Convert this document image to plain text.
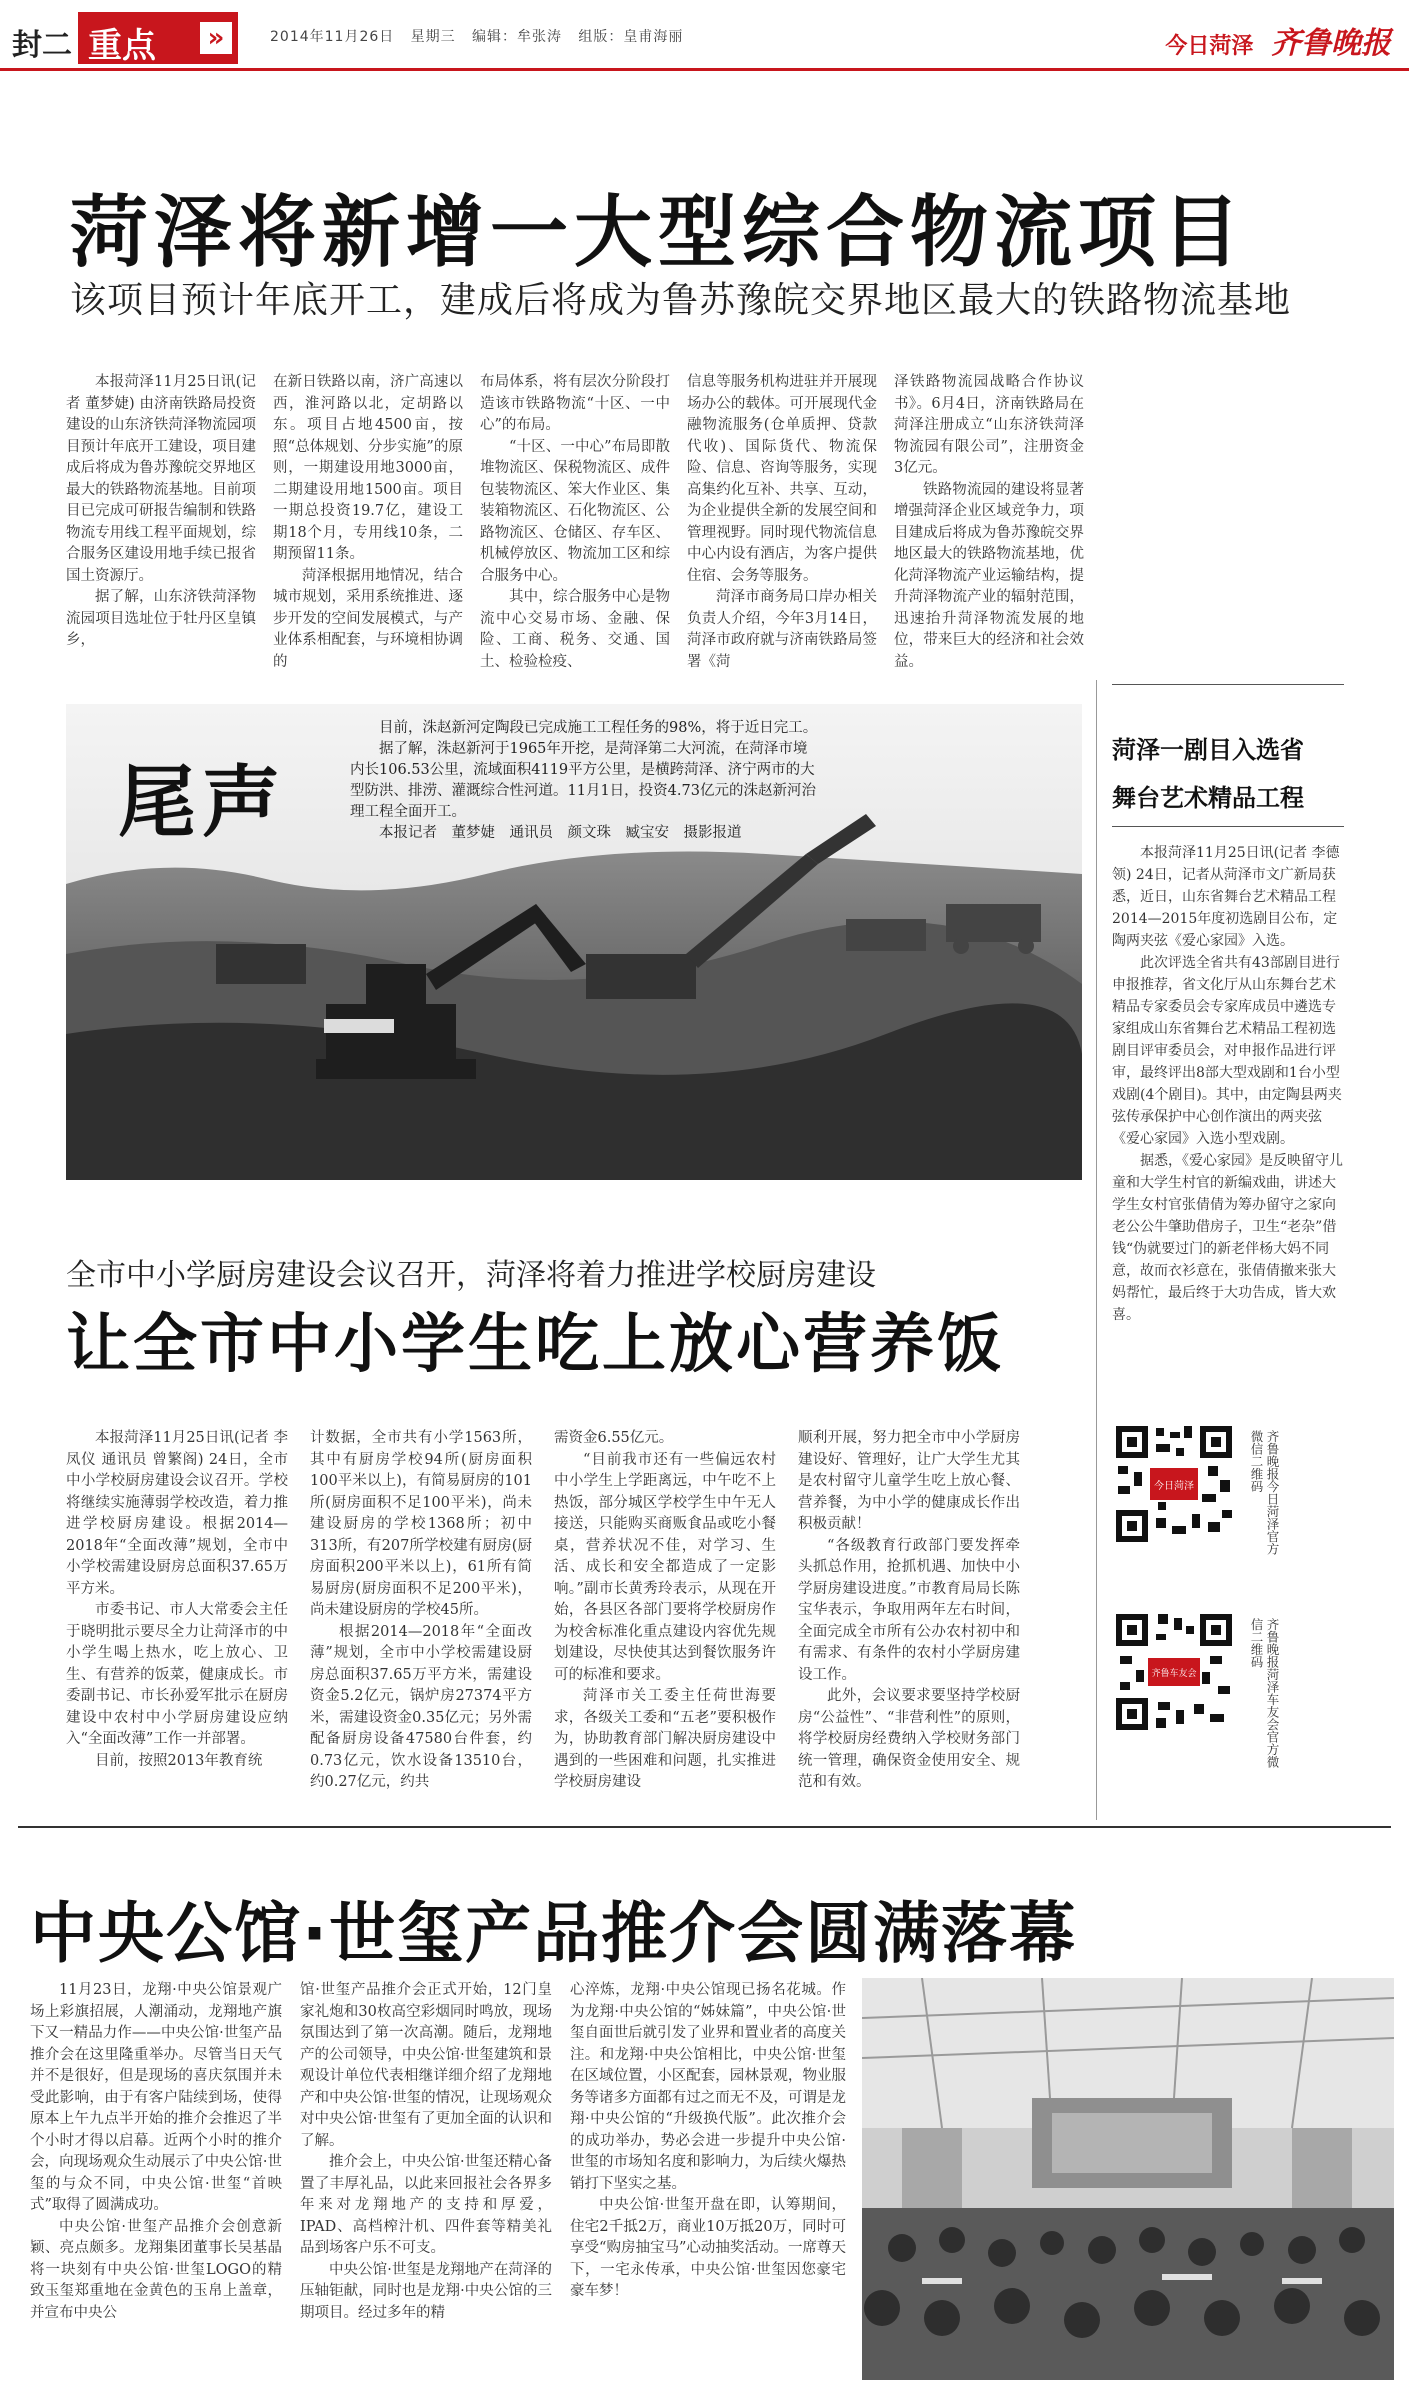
封二 重点 »	2014年11月26日 星期三 编辑：牟张涛 组版：皇甫海丽	今日菏泽 齐鲁晚报
菏泽将新增一大型综合物流项目
该项目预计年底开工，建成后将成为鲁苏豫皖交界地区最大的铁路物流基地

本报菏泽11月25日讯(记者 董梦婕) 由济南铁路局投资建设的山东济铁菏泽物流园项目预计年底开工建设，项目建成后将成为鲁苏豫皖交界地区最大的铁路物流基地。目前项目已完成可研报告编制和铁路物流专用线工程平面规划，综合服务区建设用地手续已报省国土资源厅。

据了解，山东济铁菏泽物流园项目选址位于牡丹区皇镇乡，

在新日铁路以南，济广高速以西，淮河路以北，定胡路以东。项目占地4500亩，按照“总体规划、分步实施”的原则，一期建设用地3000亩，二期建设用地1500亩。项目一期总投资19.7亿，建设工期18个月，专用线10条，二期预留11条。

菏泽根据用地情况，结合城市规划，采用系统推进、逐步开发的空间发展模式，与产业体系相配套，与环境相协调的

布局体系，将有层次分阶段打造该市铁路物流“十区、一中心”的布局。

“十区、一中心”布局即散堆物流区、保税物流区、成件包装物流区、笨大作业区、集装箱物流区、石化物流区、公路物流区、仓储区、存车区、机械停放区、物流加工区和综合服务中心。

其中，综合服务中心是物流中心交易市场、金融、保险、工商、税务、交通、国土、检验检疫、

信息等服务机构进驻并开展现场办公的载体。可开展现代金融物流服务(仓单质押、贷款代收)、国际货代、物流保险、信息、咨询等服务，实现高集约化互补、共享、互动，为企业提供全新的发展空间和管理视野。同时现代物流信息中心内设有酒店，为客户提供住宿、会务等服务。

菏泽市商务局口岸办相关负责人介绍，今年3月14日，菏泽市政府就与济南铁路局签署《菏

泽铁路物流园战略合作协议书》。6月4日，济南铁路局在菏泽注册成立“山东济铁菏泽物流园有限公司”，注册资金3亿元。

铁路物流园的建设将显著增强菏泽企业区域竞争力，项目建成后将成为鲁苏豫皖交界地区最大的铁路物流基地，优化菏泽物流产业运输结构，提升菏泽物流产业的辐射范围，迅速抬升菏泽物流发展的地位，带来巨大的经济和社会效益。

尾声

目前，洙赵新河定陶段已完成施工工程任务的98%，将于近日完工。

据了解，洙赵新河于1965年开挖，是菏泽第二大河流，在菏泽市境内长106.53公里，流域面积4119平方公里，是横跨菏泽、济宁两市的大型防洪、排涝、灌溉综合性河道。11月1日，投资4.73亿元的洙赵新河治理工程全面开工。

本报记者　董梦婕　通讯员　颜文珠　臧宝安　摄影报道

菏泽一剧目入选省
舞台艺术精品工程

本报菏泽11月25日讯(记者 李德领) 24日，记者从菏泽市文广新局获悉，近日，山东省舞台艺术精品工程2014—2015年度初选剧目公布，定陶两夹弦《爱心家园》入选。

此次评选全省共有43部剧目进行申报推荐，省文化厅从山东舞台艺术精品专家委员会专家库成员中遴选专家组成山东省舞台艺术精品工程初选剧目评审委员会，对申报作品进行评审，最终评出8部大型戏剧和1台小型戏剧(4个剧目)。其中，由定陶县两夹弦传承保护中心创作演出的两夹弦《爱心家园》入选小型戏剧。

据悉，《爱心家园》是反映留守儿童和大学生村官的新编戏曲，讲述大学生女村官张倩倩为筹办留守之家向老公公牛肇助借房子，卫生“老杂”借钱“伪就要过门的新老伴杨大妈不同意，故而衣衫意在，张倩倩撤来张大妈帮忙，最后终于大功告成，皆大欢喜。

今日菏泽	齐鲁晚报今日菏泽官方微信二维码
齐鲁车友会	齐鲁晚报菏泽车友会官方微信二维码
全市中小学厨房建设会议召开，菏泽将着力推进学校厨房建设
让全市中小学生吃上放心营养饭

本报菏泽11月25日讯(记者 李凤仪 通讯员 曾繁阁) 24日，全市中小学校厨房建设会议召开。学校将继续实施薄弱学校改造，着力推进学校厨房建设。根据2014—2018年“全面改薄”规划，全市中小学校需建设厨房总面积37.65万平方米。

市委书记、市人大常委会主任于晓明批示要尽全力让菏泽市的中小学生喝上热水，吃上放心、卫生、有营养的饭菜，健康成长。市委副书记、市长孙爱军批示在厨房建设中农村中小学厨房建设应纳入“全面改薄”工作一并部署。

目前，按照2013年教育统

计数据，全市共有小学1563所，其中有厨房学校94所(厨房面积100平米以上)，有简易厨房的101所(厨房面积不足100平米)，尚未建设厨房的学校1368所；初中313所，有207所学校建有厨房(厨房面积200平米以上)，61所有简易厨房(厨房面积不足200平米)，尚未建设厨房的学校45所。

根据2014—2018年“全面改薄”规划，全市中小学校需建设厨房总面积37.65万平方米，需建设资金5.2亿元，锅炉房27374平方米，需建设资金0.35亿元；另外需配备厨房设备47580台件套，约0.73亿元，饮水设备13510台，约0.27亿元，约共

需资金6.55亿元。

“目前我市还有一些偏远农村中小学生上学距离远，中午吃不上热饭，部分城区学校学生中午无人接送，只能购买商贩食品或吃小餐桌，营养状况不佳，对学习、生活、成长和安全都造成了一定影响。”副市长黄秀玲表示，从现在开始，各县区各部门要将学校厨房作为校舍标准化重点建设内容优先规划建设，尽快使其达到餐饮服务许可的标准和要求。

菏泽市关工委主任荷世海要求，各级关工委和“五老”要积极作为，协助教育部门解决厨房建设中遇到的一些困难和问题，扎实推进学校厨房建设

顺利开展，努力把全市中小学厨房建设好、管理好，让广大学生尤其是农村留守儿童学生吃上放心餐、营养餐，为中小学的健康成长作出积极贡献！

“各级教育行政部门要发挥牵头抓总作用，抢抓机遇、加快中小学厨房建设进度。”市教育局局长陈宝华表示，争取用两年左右时间，全面完成全市所有公办农村初中和有需求、有条件的农村小学厨房建设工作。

此外，会议要求要坚持学校厨房“公益性”、“非营利性”的原则，将学校厨房经费纳入学校财务部门统一管理，确保资金使用安全、规范和有效。

中央公馆·世玺产品推介会圆满落幕

11月23日，龙翔·中央公馆景观广场上彩旗招展，人潮涌动，龙翔地产旗下又一精品力作——中央公馆·世玺产品推介会在这里隆重举办。尽管当日天气并不是很好，但是现场的喜庆氛围并未受此影响，由于有客户陆续到场，使得原本上午九点半开始的推介会推迟了半个小时才得以启幕。近两个小时的推介会，向现场观众生动展示了中央公馆·世玺的与众不同，中央公馆·世玺“首映式”取得了圆满成功。

中央公馆·世玺产品推介会创意新颖、亮点颇多。龙翔集团董事长吴基晶将一块刻有中央公馆·世玺LOGO的精致玉玺郑重地在金黄色的玉帛上盖章，并宣布中央公

馆·世玺产品推介会正式开始，12门皇家礼炮和30枚高空彩烟同时鸣放，现场氛围达到了第一次高潮。随后，龙翔地产的公司领导，中央公馆·世玺建筑和景观设计单位代表相继详细介绍了龙翔地产和中央公馆·世玺的情况，让现场观众对中央公馆·世玺有了更加全面的认识和了解。

推介会上，中央公馆·世玺还精心备置了丰厚礼品，以此来回报社会各界多年来对龙翔地产的支持和厚爱，IPAD、高档榨汁机、四件套等精美礼品到场客户乐不可支。

中央公馆·世玺是龙翔地产在菏泽的压轴钜献，同时也是龙翔·中央公馆的三期项目。经过多年的精

心淬炼，龙翔·中央公馆现已扬名花城。作为龙翔·中央公馆的“姊妹篇”，中央公馆·世玺自面世后就引发了业界和置业者的高度关注。和龙翔·中央公馆相比，中央公馆·世玺在区域位置，小区配套，园林景观，物业服务等诸多方面都有过之而无不及，可谓是龙翔·中央公馆的“升级换代版”。此次推介会的成功举办，势必会进一步提升中央公馆·世玺的市场知名度和影响力，为后续火爆热销打下坚实之基。

中央公馆·世玺开盘在即，认筹期间，住宅2千抵2万，商业10万抵20万，同时可享受“购房抽宝马”心动抽奖活动。一席尊天下，一宅永传承，中央公馆·世玺因您豪宅豪车梦！
